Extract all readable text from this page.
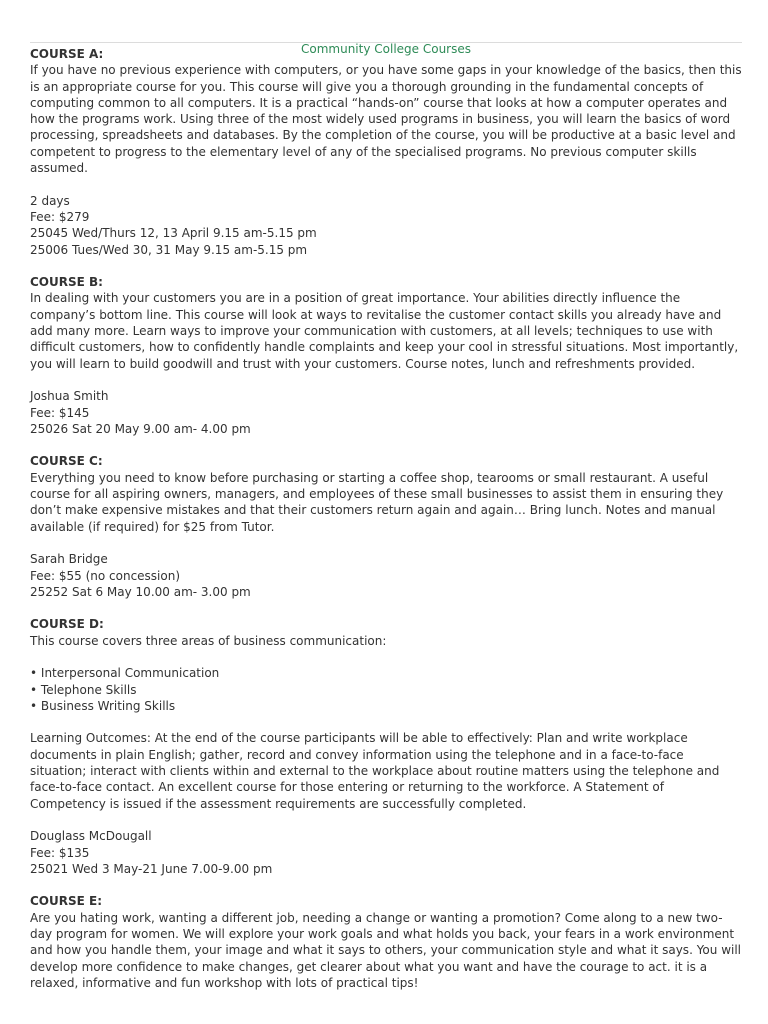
Community College Courses

COURSE A:

If you have no previous experience with computers, or you have some gaps in your knowledge of the basics, then this is an appropriate course for you. This course will give you a thorough grounding in the fundamental concepts of computing common to all computers. It is a practical “hands-on” course that looks at how a computer operates and how the programs work. Using three of the most widely used programs in business, you will learn the basics of word processing, spreadsheets and databases. By the completion of the course, you will be productive at a basic level and competent to progress to the elementary level of any of the specialised programs. No previous computer skills assumed.

2 days

Fee: $279

25045 Wed/Thurs 12, 13 April 9.15 am-5.15 pm

25006 Tues/Wed 30, 31 May 9.15 am-5.15 pm

COURSE B:

In dealing with your customers you are in a position of great importance. Your abilities directly influence the company’s bottom line. This course will look at ways to revitalise the customer contact skills you already have and add many more. Learn ways to improve your communication with customers, at all levels; techniques to use with difficult customers, how to confidently handle complaints and keep your cool in stressful situations. Most importantly, you will learn to build goodwill and trust with your customers. Course notes, lunch and refreshments provided.

Joshua Smith

Fee: $145

25026 Sat 20 May 9.00 am- 4.00 pm

COURSE C:

Everything you need to know before purchasing or starting a coffee shop, tearooms or small restaurant. A useful course for all aspiring owners, managers, and employees of these small businesses to assist them in ensuring they don’t make expensive mistakes and that their customers return again and again… Bring lunch. Notes and manual available (if required) for $25 from Tutor.

Sarah Bridge

Fee: $55 (no concession)

25252 Sat 6 May 10.00 am- 3.00 pm

COURSE D:

This course covers three areas of business communication:

• Interpersonal Communication
• Telephone Skills
• Business Writing Skills

Learning Outcomes: At the end of the course participants will be able to effectively: Plan and write workplace documents in plain English; gather, record and convey information using the telephone and in a face-to-face situation; interact with clients within and external to the workplace about routine matters using the telephone and face-to-face contact. An excellent course for those entering or returning to the workforce. A Statement of Competency is issued if the assessment requirements are successfully completed.

Douglass McDougall

Fee: $135

25021 Wed 3 May-21 June 7.00-9.00 pm

COURSE E:

Are you hating work, wanting a different job, needing a change or wanting a promotion? Come along to a new two-day program for women. We will explore your work goals and what holds you back, your fears in a work environment and how you handle them, your image and what it says to others, your communication style and what it says. You will develop more confidence to make changes, get clearer about what you want and have the courage to act. it is a relaxed, informative and fun workshop with lots of practical tips!
